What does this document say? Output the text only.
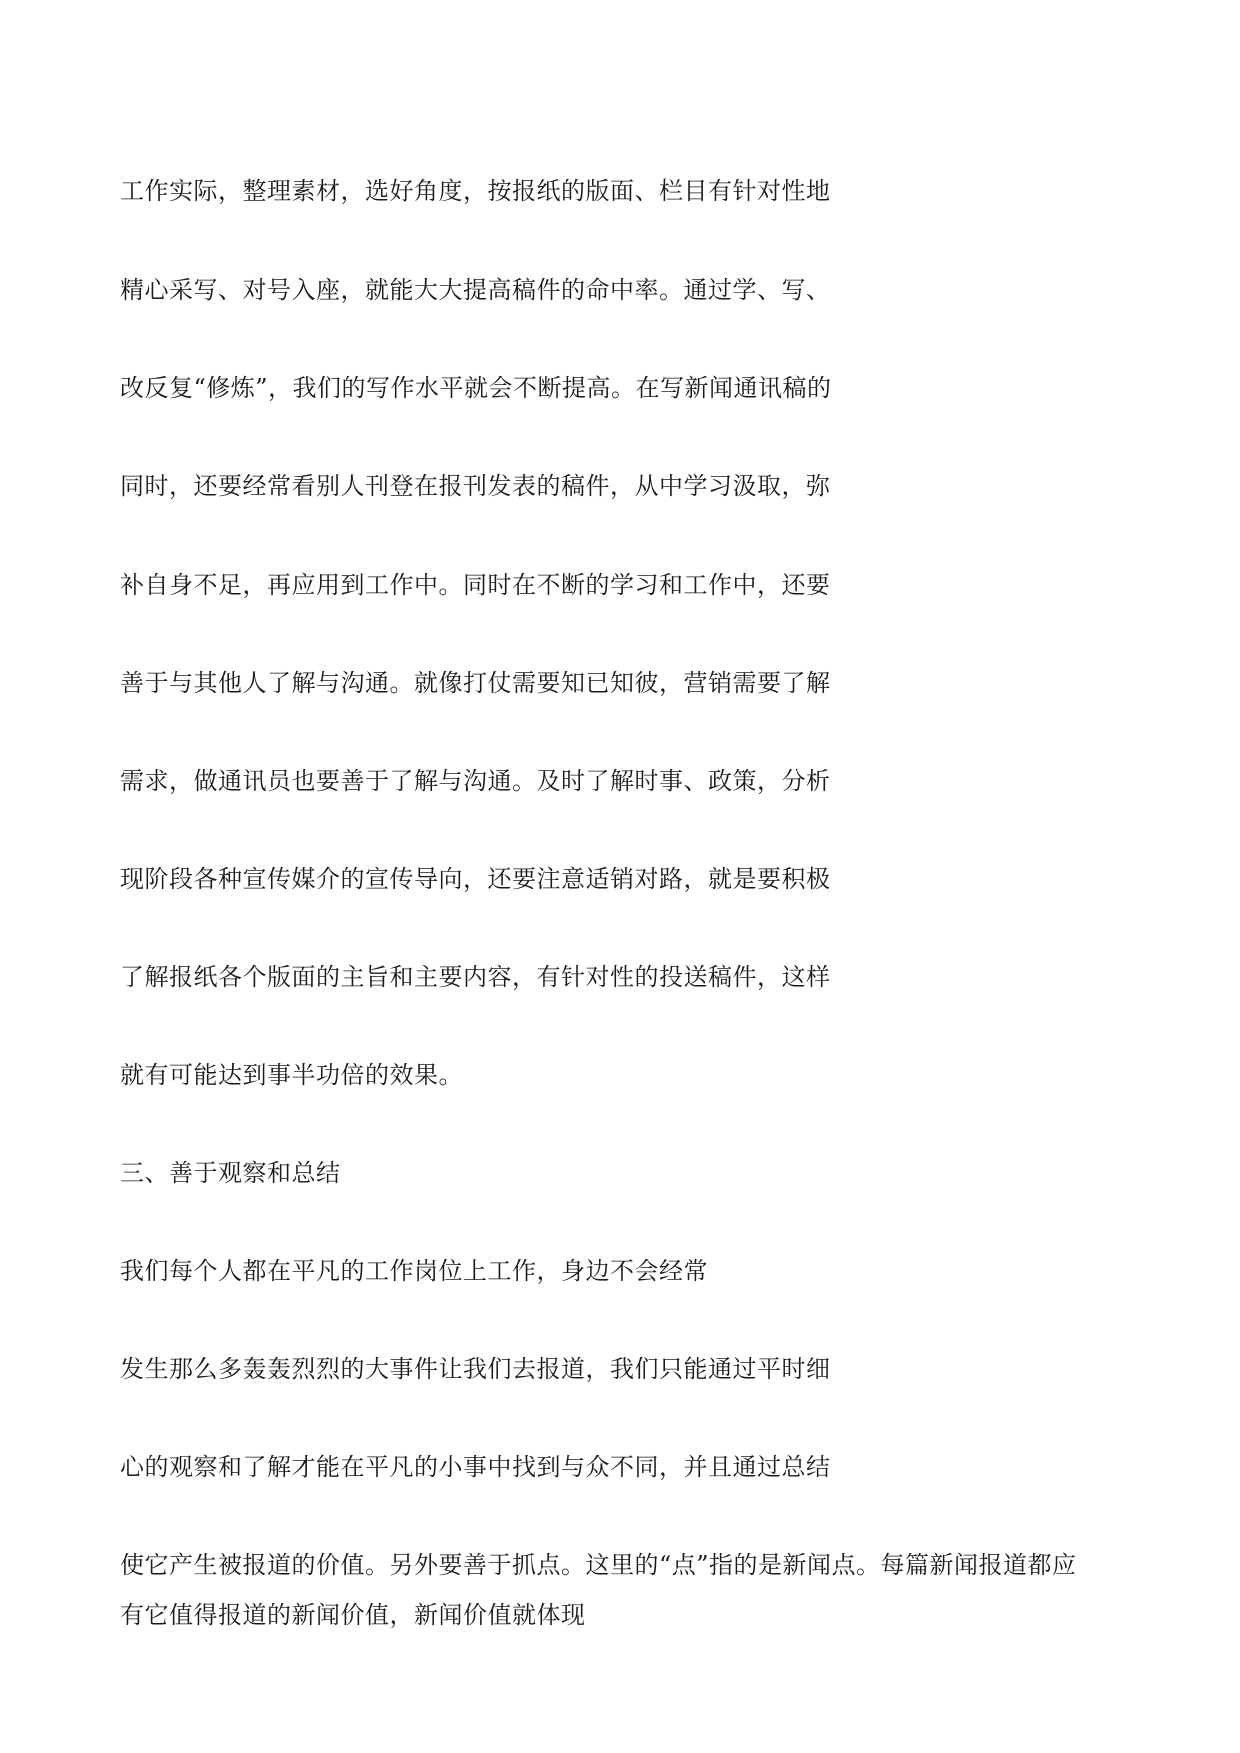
工作实际，整理素材，选好角度，按报纸的版面、栏目有针对性地
精心采写、对号入座，就能大大提高稿件的命中率。通过学、写、
改反复“修炼”，我们的写作水平就会不断提高。在写新闻通讯稿的
同时，还要经常看别人刊登在报刊发表的稿件，从中学习汲取，弥
补自身不足，再应用到工作中。同时在不断的学习和工作中，还要
善于与其他人了解与沟通。就像打仗需要知已知彼，营销需要了解
需求，做通讯员也要善于了解与沟通。及时了解时事、政策，分析
现阶段各种宣传媒介的宣传导向，还要注意适销对路，就是要积极
了解报纸各个版面的主旨和主要内容，有针对性的投送稿件，这样
就有可能达到事半功倍的效果。
三、善于观察和总结
我们每个人都在平凡的工作岗位上工作，身边不会经常
发生那么多轰轰烈烈的大事件让我们去报道，我们只能通过平时细
心的观察和了解才能在平凡的小事中找到与众不同，并且通过总结
使它产生被报道的价值。另外要善于抓点。这里的“点”指的是新闻点。每篇新闻报道都应
有它值得报道的新闻价值，新闻价值就体现
